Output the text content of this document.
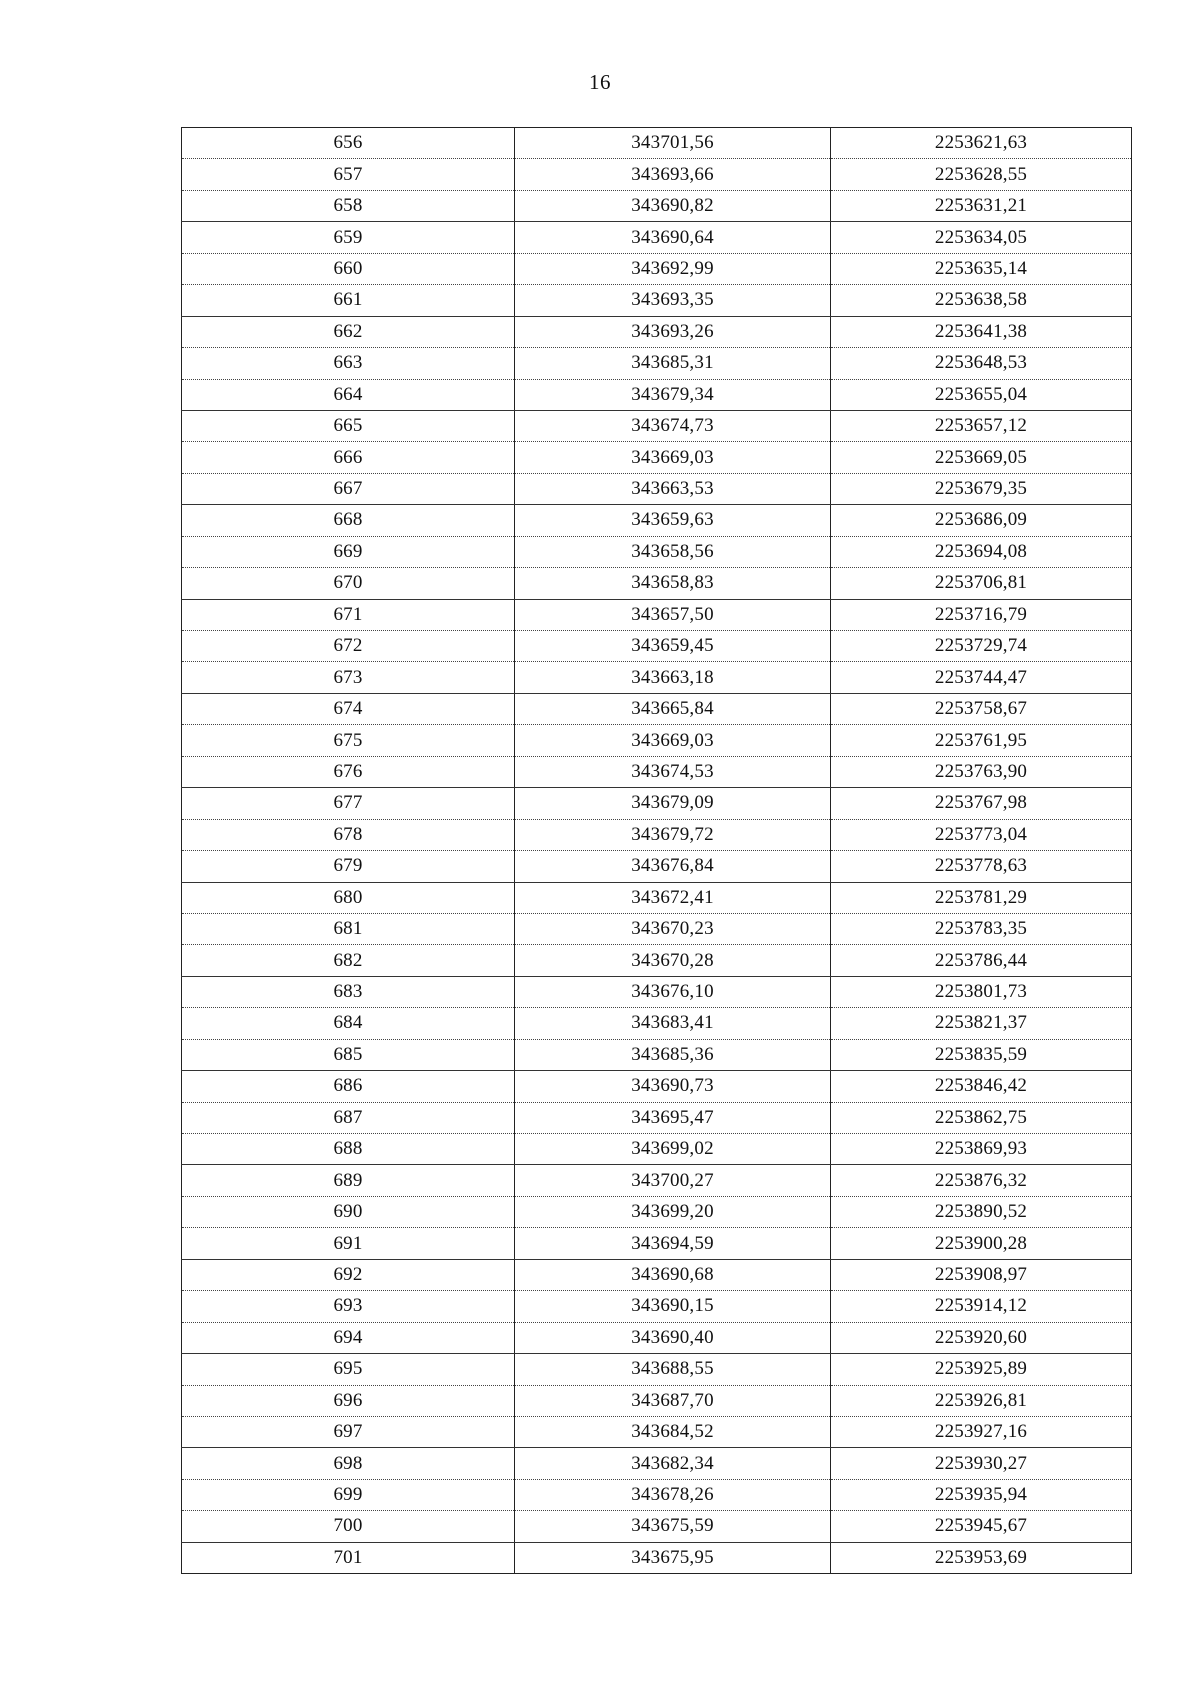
16
656	343701,56	2253621,63
657	343693,66	2253628,55
658	343690,82	2253631,21
659	343690,64	2253634,05
660	343692,99	2253635,14
661	343693,35	2253638,58
662	343693,26	2253641,38
663	343685,31	2253648,53
664	343679,34	2253655,04
665	343674,73	2253657,12
666	343669,03	2253669,05
667	343663,53	2253679,35
668	343659,63	2253686,09
669	343658,56	2253694,08
670	343658,83	2253706,81
671	343657,50	2253716,79
672	343659,45	2253729,74
673	343663,18	2253744,47
674	343665,84	2253758,67
675	343669,03	2253761,95
676	343674,53	2253763,90
677	343679,09	2253767,98
678	343679,72	2253773,04
679	343676,84	2253778,63
680	343672,41	2253781,29
681	343670,23	2253783,35
682	343670,28	2253786,44
683	343676,10	2253801,73
684	343683,41	2253821,37
685	343685,36	2253835,59
686	343690,73	2253846,42
687	343695,47	2253862,75
688	343699,02	2253869,93
689	343700,27	2253876,32
690	343699,20	2253890,52
691	343694,59	2253900,28
692	343690,68	2253908,97
693	343690,15	2253914,12
694	343690,40	2253920,60
695	343688,55	2253925,89
696	343687,70	2253926,81
697	343684,52	2253927,16
698	343682,34	2253930,27
699	343678,26	2253935,94
700	343675,59	2253945,67
701	343675,95	2253953,69
